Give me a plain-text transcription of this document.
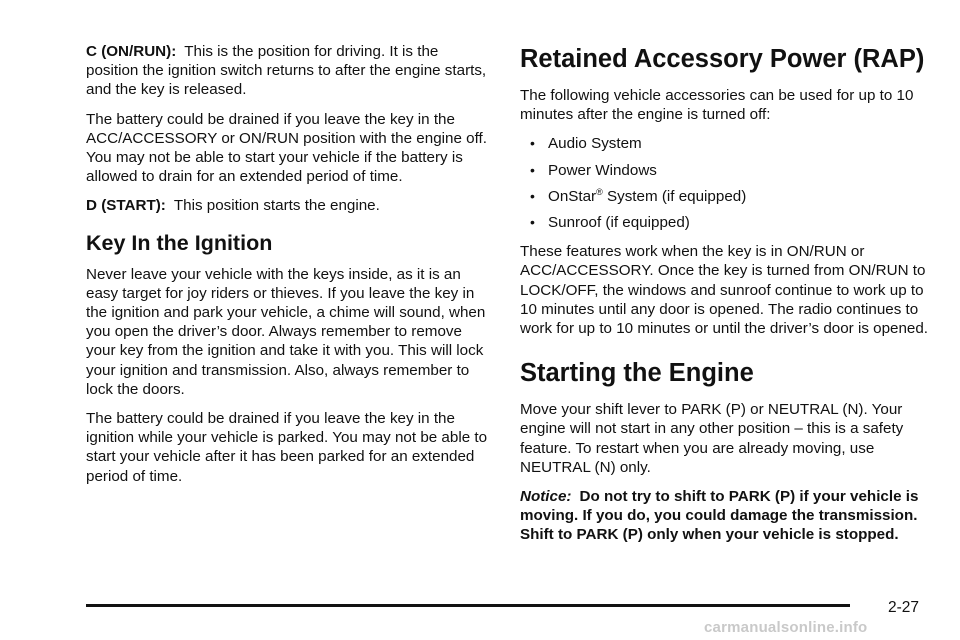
C (ON/RUN): This is the position for driving. It is the position the ignition switch returns to after the engine starts, and the key is released.

The battery could be drained if you leave the key in the ACC/ACCESSORY or ON/RUN position with the engine off. You may not be able to start your vehicle if the battery is allowed to drain for an extended period of time.

D (START): This position starts the engine.

Key In the Ignition

Never leave your vehicle with the keys inside, as it is an easy target for joy riders or thieves. If you leave the key in the ignition and park your vehicle, a chime will sound, when you open the driver’s door. Always remember to remove your key from the ignition and take it with you. This will lock your ignition and transmission. Also, always remember to lock the doors.

The battery could be drained if you leave the key in the ignition while your vehicle is parked. You may not be able to start your vehicle after it has been parked for an extended period of time.

Retained Accessory Power (RAP)

The following vehicle accessories can be used for up to 10 minutes after the engine is turned off:

• Audio System
• Power Windows
• OnStar® System (if equipped)
• Sunroof (if equipped)

These features work when the key is in ON/RUN or ACC/ACCESSORY. Once the key is turned from ON/RUN to LOCK/OFF, the windows and sunroof continue to work up to 10 minutes until any door is opened. The radio continues to work for up to 10 minutes or until the driver’s door is opened.

Starting the Engine

Move your shift lever to PARK (P) or NEUTRAL (N). Your engine will not start in any other position – this is a safety feature. To restart when you are already moving, use NEUTRAL (N) only.

Notice: Do not try to shift to PARK (P) if your vehicle is moving. If you do, you could damage the transmission. Shift to PARK (P) only when your vehicle is stopped.

2-27
carmanualsonline.info
